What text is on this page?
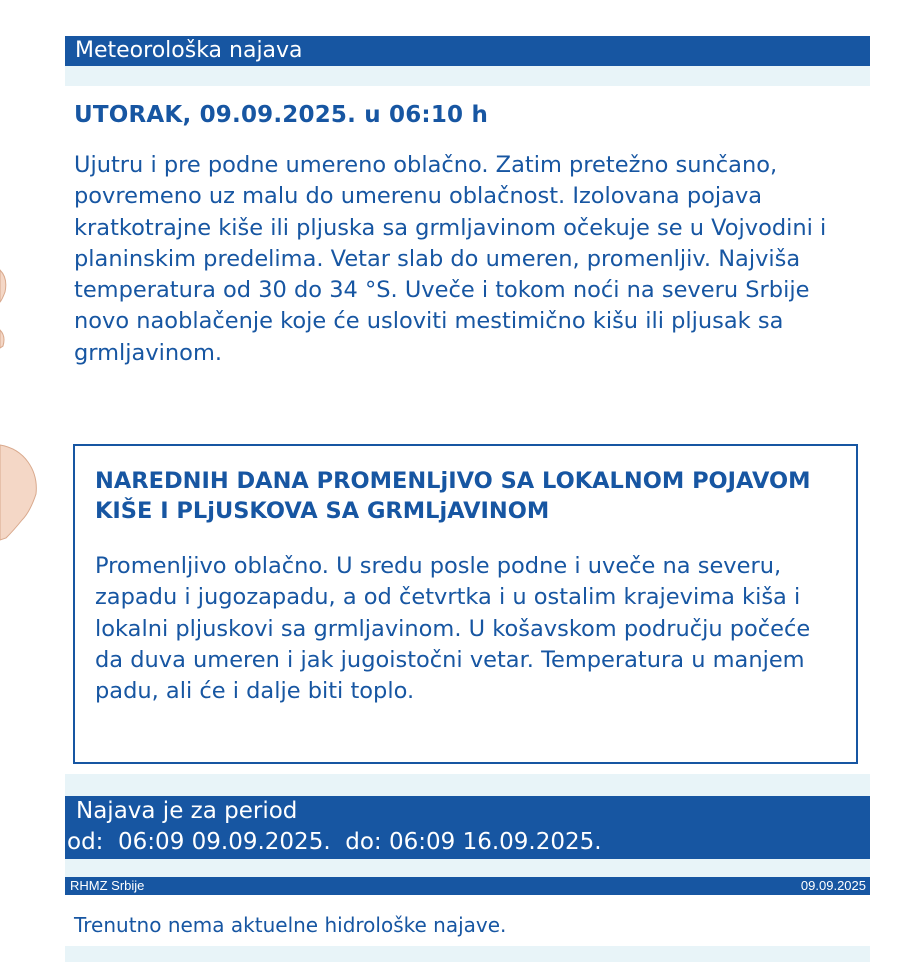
Meteorološka najava
UTORAK, 09.09.2025. u 06:10 h
Ujutru i pre podne umereno oblačno. Zatim pretežno sunčano, povremeno uz malu do umerenu oblačnost. Izolovana pojava kratkotrajne kiše ili pljuska sa grmljavinom očekuje se u Vojvodini i planinskim predelima. Vetar slab do umeren, promenljiv. Najviša temperatura od 30 do 34 °S. Uveče i tokom noći na severu Srbije novo naoblačenje koje će usloviti mestimično kišu ili pljusak sa grmljavinom.
NAREDNIH DANA PROMENLjIVO SA LOKALNOM POJAVOM KIŠE I PLjUSKOVA SA GRMLjAVINOM
Promenljivo oblačno. U sredu posle podne i uveče na severu, zapadu i jugozapadu, a od četvrtka i u ostalim krajevima kiša i lokalni pljuskovi sa grmljavinom. U košavskom području počeće da duva umeren i jak jugoistočni vetar. Temperatura u manjem padu, ali će i dalje biti toplo.
Najava je za period
od:  06:09 09.09.2025.  do: 06:09 16.09.2025.
RHMZ Srbije	09.09.2025
Trenutno nema aktuelne hidrološke najave.
